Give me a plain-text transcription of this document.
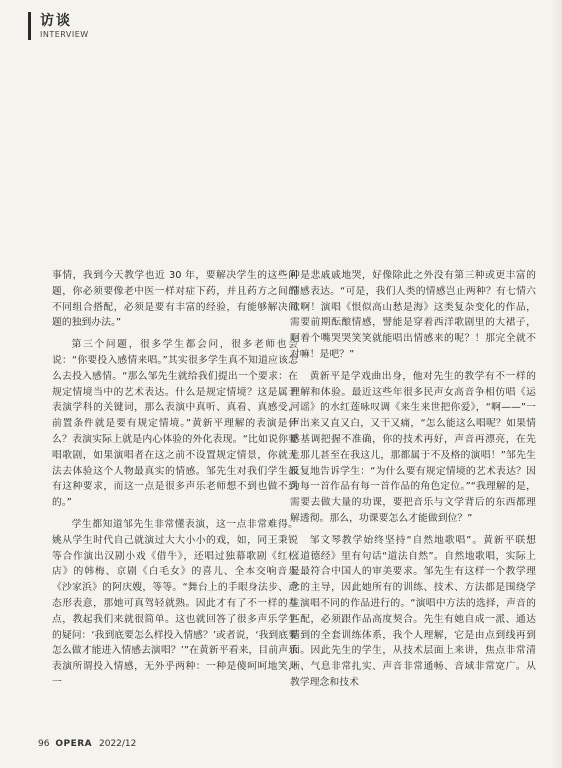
访谈
INTERVIEW

事情，我到今天教学也近 30 年，要解决学生的这些问题，你必须要像老中医一样对症下药，并且药方之间的不同组合搭配，必须是要有丰富的经验，有能够解决问题的独到办法。”

第三个问题，很多学生都会问，很多老师也会说：“你要投入感情来唱。”其实很多学生真不知道应该怎么去投入感情。“那么邹先生就给我们提出一个要求：在规定情境当中的艺术表达。什么是规定情境？这是属于表演学科的关键词，那么表演中真听、真看、真感受，前置条件就是要有规定情境。”黄新平理解的表演是什么？表演实际上就是内心体验的外化表现。“比如说你要唱歌剧，如果演唱者在这之前不设置规定情景，你就无法去体验这个人物最真实的情感。邹先生对我们学生都有这种要求，而这一点是很多声乐老师想不到也做不到的。”

学生都知道邹先生非常懂表演，这一点非常难得。姚从学生时代自己就演过大大小小的戏，如，同王秉锐等合作演出汉剧小戏《借牛》，还唱过独幕歌剧《红松店》的韩梅、京剧《白毛女》的喜儿、全本交响音乐《沙家浜》的阿庆嫂，等等。“舞台上的手眼身法步、声态形表意，那她可真驾轻就熟。因此才有了不一样的基点，教起我们来就很简单。这也就回答了很多声乐学生的疑问：‘我到底要怎么样投入情感？’或者说，‘我到底要怎么做才能进入情感去演唱？’”在黄新平看来，目前声乐表演所谓投入情感，无外乎两种：一种是傻呵呵地笑，一

种是悲戚戚地哭，好像除此之外没有第三种或更丰富的情感表达。“可是，我们人类的情感岂止两种？有七情六欲啊！演唱《恨似高山愁是海》这类复杂变化的作品，需要前期酝酿情感，譬能是穿着西洋歌剧里的大裙子，啊着个嘴哭哭笑笑就能唱出情感来的呢？！那完全就不对嘛！是吧？”

黄新平是学戏曲出身，他对先生的教学有不一样的理解和体验。最近这些年很多民声女高音争相仿唱《运河谣》的水红莲咏叹调《来生来世把你爱》，“啊——”一声出来又直又白，又干又痛，“怎么能这么唱呢？如果情感基调把握不准确，你的技术再好，声音再漂亮，在先生那儿甚至在我这儿，那都属于不及格的演唱！”邹先生反复地告诉学生：“为什么要有规定情境的艺术表达？因为每一首作品有每一首作品的角色定位。”“我理解的是，需要去做大量的功课，要把音乐与文学背后的东西都理解透彻。那么，功课要怎么才能做到位？”

邹文琴教学始终坚持“自然地歌唱”。黄新平联想《道德经》里有句话“道法自然”。自然地歌唱，实际上是最符合中国人的审美要求。邹先生有这样一个教学理念的主导，因此她所有的训练、技术、方法都是围绕学生演唱不同的作品进行的。“演唱中方法的选择，声音的匹配，必须跟作品高度契合。先生有她自成一派、通达精到的全套训练体系，我个人理解，它是由点到线再到面。因此先生的学生，从技术层面上来讲，焦点非常清晰、气息非常扎实、声音非常通畅、音域非常宽广。从教学理念和技术

96 OPERA 2022/12
